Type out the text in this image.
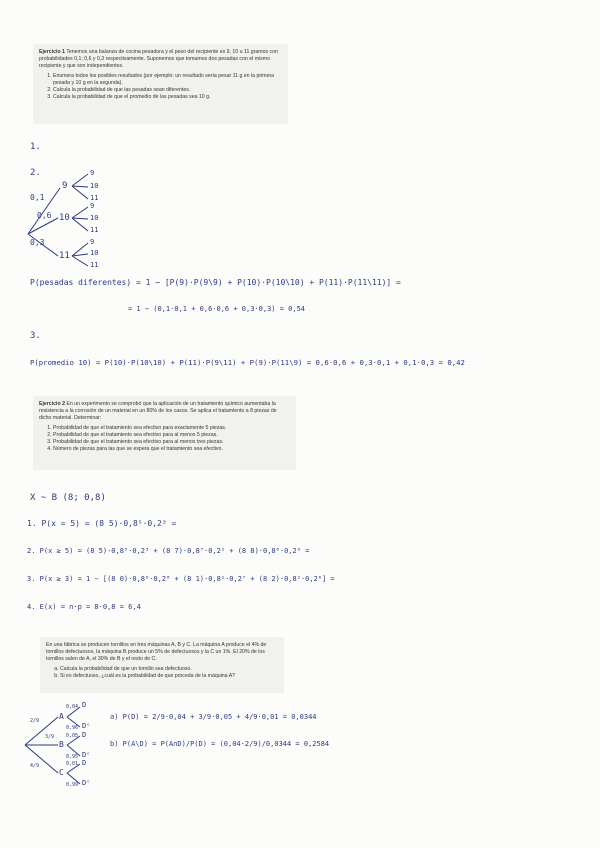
Ejercicio 1 Tenemos una balanza de cocina pesadora y el peso del recipiente es 9, 10 u 11 gramos con probabilidades 0,1; 0,6 y 0,3 respectivamente. Suponemos que tomamos dos pesadas con el mismo recipiente y que son independientes.

1. Enumera todos los posibles resultados (por ejemplo: un resultado sería pesar 11 g en la primera pesada y 10 g en la segunda).
2. Calcula la probabilidad de que las pesadas sean diferentes.
3. Calcula la probabilidad de que el promedio de las pesadas sea 10 g.
1.
2.
0,1
0,6
0,3
9
10
11
9
10
11
9
10
11
9
10
11
P(pesadas diferentes) = 1 − [P(9)·P(9\9) + P(10)·P(10\10) + P(11)·P(11\11)] =
= 1 − (0,1·0,1 + 0,6·0,6 + 0,3·0,3) = 0,54
3.
P(promedio 10) = P(10)·P(10\10) + P(11)·P(9\11) + P(9)·P(11\9) = 0,6·0,6 + 0,3·0,1 + 0,1·0,3 = 0,42

Ejercicio 2 En un experimento se comprobó que la aplicación de un tratamiento químico aumentaba la resistencia a la corrosión de un material en un 80% de los casos. Se aplica el tratamiento a 8 piezas de dicho material. Determinar:

1. Probabilidad de que el tratamiento sea efectivo para exactamente 5 piezas.
2. Probabilidad de que el tratamiento sea efectivo para al menos 5 piezas.
3. Probabilidad de que el tratamiento sea efectivo para al menos tres piezas.
4. Número de piezas para las que se espera que el tratamiento sea efectivo.
X ~ B (8; 0,8)
1. P(x = 5) = (8 5)·0,8⁵·0,2³ =
2. P(x ≥ 5) = (8 5)·0,8⁵·0,2³ + (8 7)·0,8⁷·0,2¹ + (8 8)·0,8⁸·0,2⁰ =
3. P(x ≥ 3) = 1 − [(8 0)·0,8⁰·0,2⁸ + (8 1)·0,8¹·0,2⁷ + (8 2)·0,8²·0,2⁶] =
4. E(x) = n·p = 8·0,8 = 6,4

En una fábrica se producen tornillos en tres máquinas A, B y C. La máquina A produce el 4% de tornillos defectuosos, la máquina B produce un 5% de defectuosos y la C un 1%. El 20% de los tornillos salen de A, el 30% de B y el resto de C.

a. Calcula la probabilidad de que un tornillo sea defectuoso.
b. Si es defectuoso, ¿cuál es la probabilidad de que proceda de la máquina A?
2/9
3/9
4/9
A
B
C
0,04
0,96
0,05
0,95
0,01
0,99
D
Dᶜ
D
Dᶜ
D
Dᶜ
a) P(D) = 2/9·0,04 + 3/9·0,05 + 4/9·0,01 = 0,0344
b) P(A\D) = P(A∩D)/P(D) = (0,04·2/9)/0,0344 = 0,2584
